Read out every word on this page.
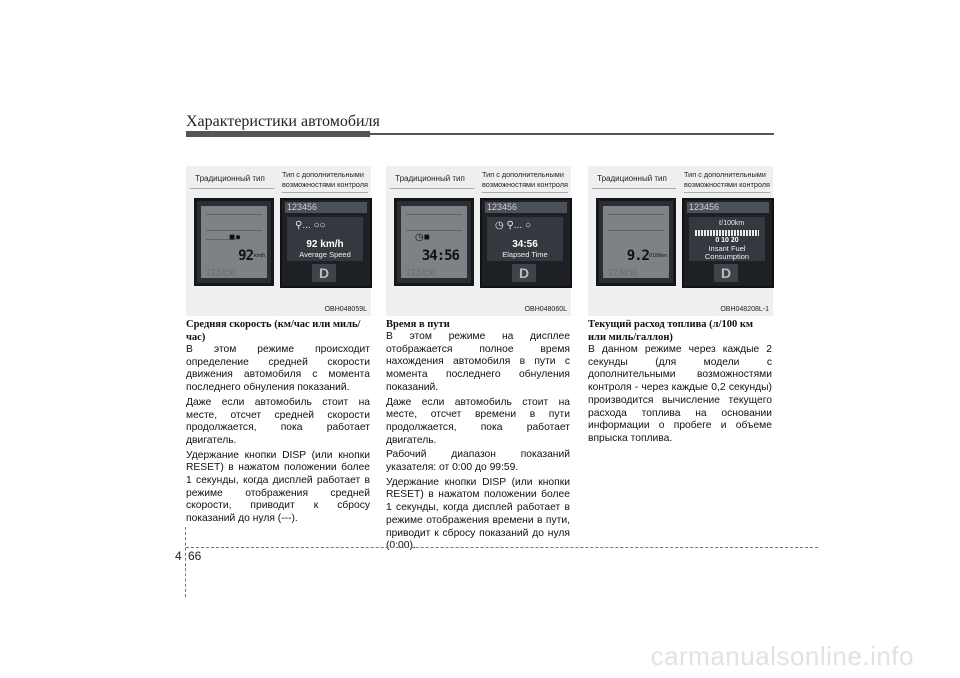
Характеристики автомобиля
Традиционный тип	Тип с дополнительными возможностями контроля
■●
92 km/h
123456
123456
⚲... ○○
92 km/h
Average Speed
D
OBH048059L
Традиционный тип	Тип с дополнительными возможностями контроля
◷■
34:56
123456
123456
◷ ⚲... ○
34:56
Elapsed Time
D
OBH048060L
Традиционный тип	Тип с дополнительными возможностями контроля
9.2 ℓ/100km
123456
123456
ℓ/100km
0 10 20
Insant Fuel Consumption
D
OBH048208L-1
Средняя скорость (км/час или миль/час)

В этом режиме происходит определение средней скорости движения автомобиля с момента последнего обнуления показаний.

Даже если автомобиль стоит на месте, отсчет средней скорости продолжается, пока работает двигатель.

Удержание кнопки DISP (или кнопки RESET) в нажатом положении более 1 секунды, когда дисплей работает в режиме отображения средней скорости, приводит к сбросу показаний до нуля (---).

Время в пути

В этом режиме на дисплее отображается полное время нахождения автомобиля в пути с момента последнего обнуления показаний.

Даже если автомобиль стоит на месте, отсчет времени в пути продолжается, пока работает двигатель.

Рабочий диапазон показаний указателя: от 0:00 до 99:59.

Удержание кнопки DISP (или кнопки RESET) в нажатом положении более 1 секунды, когда дисплей работает в режиме отображения времени в пути, приводит к сбросу показаний до нуля (0:00).

Текущий расход топлива (л/100 км или миль/галлон)

В данном режиме через каждые 2 секунды (для модели с дополнительными возможностями контроля - через каждые 0,2 секунды) производится вычисление текущего расхода топлива на основании информации о пробеге и объеме впрыска топлива.

4 66
carmanualsonline.info
